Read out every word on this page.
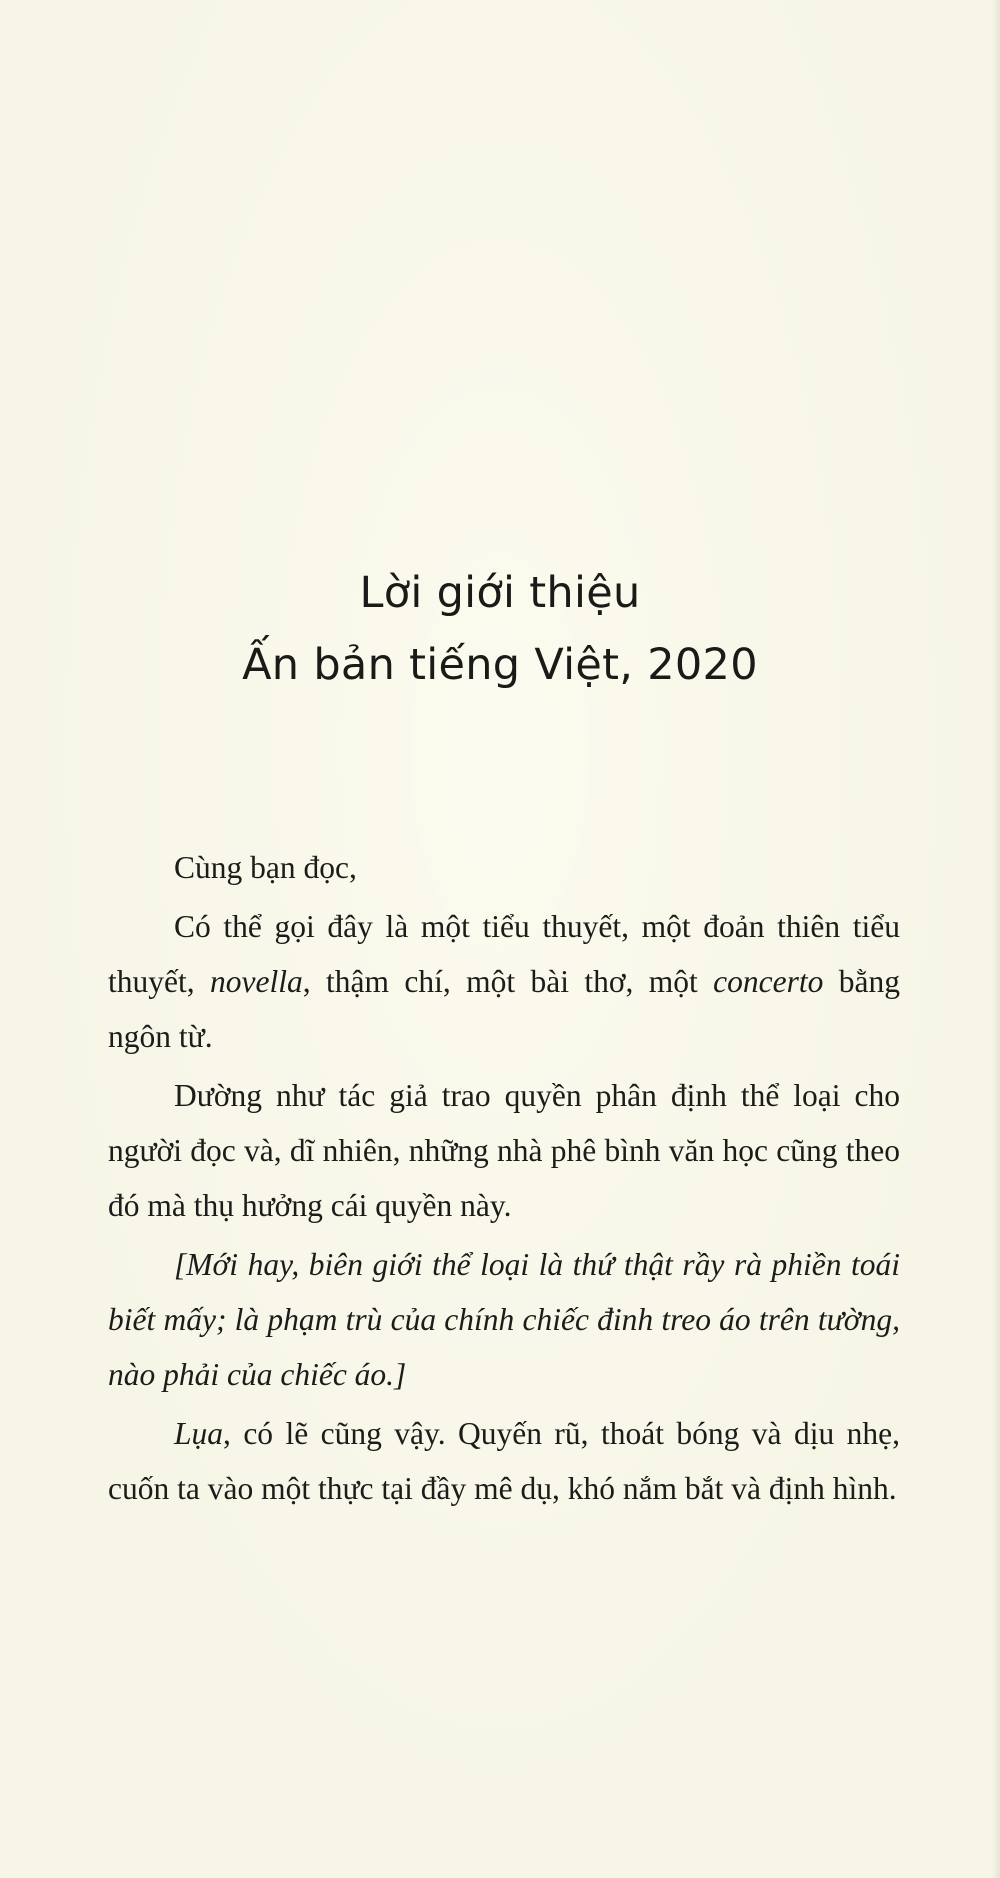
Lời giới thiệu
Ấn bản tiếng Việt, 2020

Cùng bạn đọc,

Có thể gọi đây là một tiểu thuyết, một đoản thiên tiểu thuyết, novella, thậm chí, một bài thơ, một concerto bằng ngôn từ.

Dường như tác giả trao quyền phân định thể loại cho người đọc và, dĩ nhiên, những nhà phê bình văn học cũng theo đó mà thụ hưởng cái quyền này.

[Mới hay, biên giới thể loại là thứ thật rầy rà phiền toái biết mấy; là phạm trù của chính chiếc đinh treo áo trên tường, nào phải của chiếc áo.]

Lụa, có lẽ cũng vậy. Quyến rũ, thoát bóng và dịu nhẹ, cuốn ta vào một thực tại đầy mê dụ, khó nắm bắt và định hình.
